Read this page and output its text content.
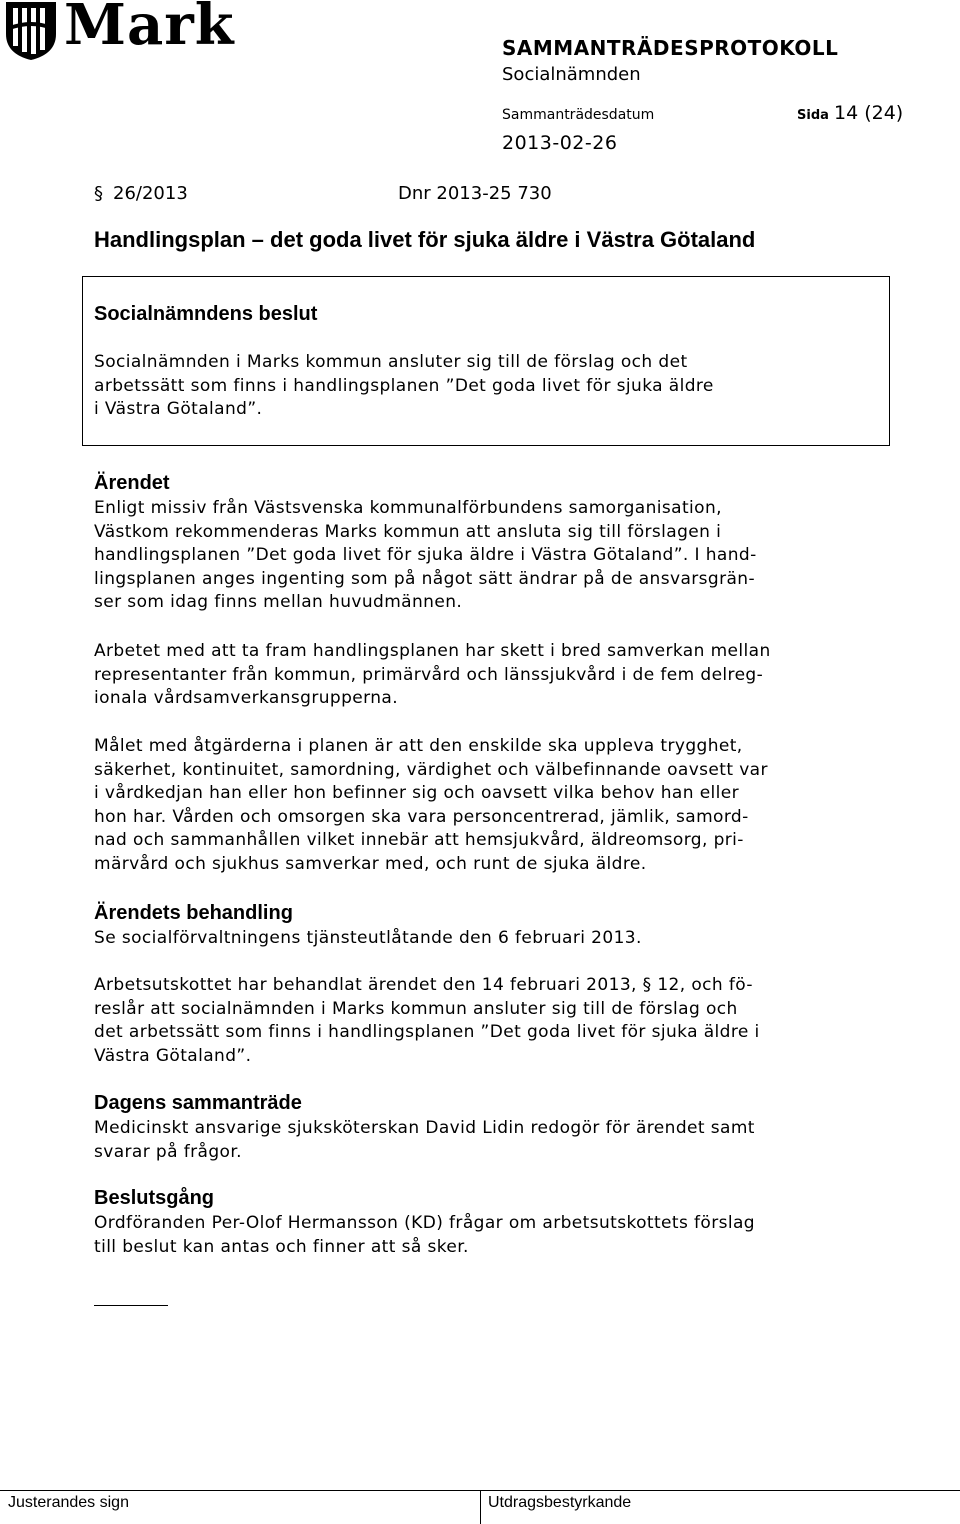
Mark	SAMMANTRÄDESPROTOKOLL
Socialnämnden
Sammanträdesdatum	Sida 14 (24)
2013-02-26
§ 26/2013	Dnr 2013-25 730
Handlingsplan – det goda livet för sjuka äldre i Västra Götaland
Socialnämndens beslut

Socialnämnden i Marks kommun ansluter sig till de förslag och det

arbetssätt som finns i handlingsplanen ”Det goda livet för sjuka äldre

i Västra Götaland”.

Ärendet

Enligt missiv från Västsvenska kommunalförbundens samorganisation,

Västkom rekommenderas Marks kommun att ansluta sig till förslagen i

handlingsplanen ”Det goda livet för sjuka äldre i Västra Götaland”. I hand-

lingsplanen anges ingenting som på något sätt ändrar på de ansvarsgrän-

ser som idag finns mellan huvudmännen.

Arbetet med att ta fram handlingsplanen har skett i bred samverkan mellan

representanter från kommun, primärvård och länssjukvård i de fem delreg-

ionala vårdsamverkansgrupperna.

Målet med åtgärderna i planen är att den enskilde ska uppleva trygghet,

säkerhet, kontinuitet, samordning, värdighet och välbefinnande oavsett var

i vårdkedjan han eller hon befinner sig och oavsett vilka behov han eller

hon har. Vården och omsorgen ska vara personcentrerad, jämlik, samord-

nad och sammanhållen vilket innebär att hemsjukvård, äldreomsorg, pri-

märvård och sjukhus samverkar med, och runt de sjuka äldre.

Ärendets behandling

Se socialförvaltningens tjänsteutlåtande den 6 februari 2013.

Arbetsutskottet har behandlat ärendet den 14 februari 2013, § 12, och fö-

reslår att socialnämnden i Marks kommun ansluter sig till de förslag och

det arbetssätt som finns i handlingsplanen ”Det goda livet för sjuka äldre i

Västra Götaland”.

Dagens sammanträde

Medicinskt ansvarige sjuksköterskan David Lidin redogör för ärendet samt

svarar på frågor.

Beslutsgång

Ordföranden Per-Olof Hermansson (KD) frågar om arbetsutskottets förslag

till beslut kan antas och finner att så sker.

Justerandes sign	Utdragsbestyrkande
